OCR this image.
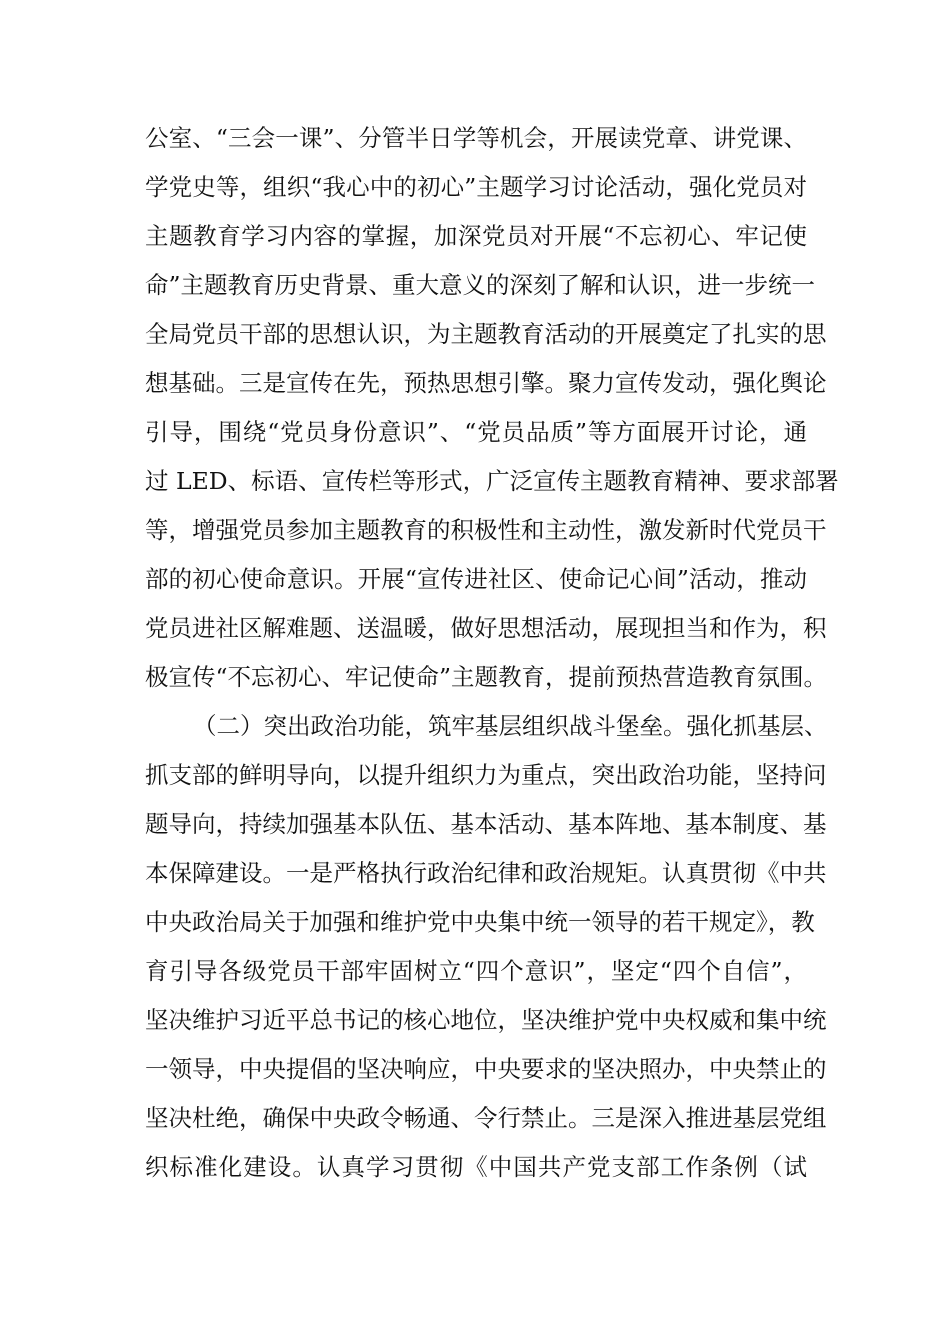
公室、“三会一课”、分管半日学等机会，开展读党章、讲党课、
学党史等，组织“我心中的初心”主题学习讨论活动，强化党员对
主题教育学习内容的掌握，加深党员对开展“不忘初心、牢记使
命”主题教育历史背景、重大意义的深刻了解和认识，进一步统一
全局党员干部的思想认识，为主题教育活动的开展奠定了扎实的思
想基础。三是宣传在先，预热思想引擎。聚力宣传发动，强化舆论
引导，围绕“党员身份意识”、“党员品质”等方面展开讨论，通
过 LED、标语、宣传栏等形式，广泛宣传主题教育精神、要求部署
等，增强党员参加主题教育的积极性和主动性，激发新时代党员干
部的初心使命意识。开展“宣传进社区、使命记心间”活动，推动
党员进社区解难题、送温暖，做好思想活动，展现担当和作为，积
极宣传“不忘初心、牢记使命”主题教育，提前预热营造教育氛围。
（二）突出政治功能，筑牢基层组织战斗堡垒。强化抓基层、
抓支部的鲜明导向，以提升组织力为重点，突出政治功能，坚持问
题导向，持续加强基本队伍、基本活动、基本阵地、基本制度、基
本保障建设。一是严格执行政治纪律和政治规矩。认真贯彻《中共
中央政治局关于加强和维护党中央集中统一领导的若干规定》，教
育引导各级党员干部牢固树立“四个意识”，坚定“四个自信”，
坚决维护习近平总书记的核心地位，坚决维护党中央权威和集中统
一领导，中央提倡的坚决响应，中央要求的坚决照办，中央禁止的
坚决杜绝，确保中央政令畅通、令行禁止。三是深入推进基层党组
织标准化建设。认真学习贯彻《中国共产党支部工作条例（试
